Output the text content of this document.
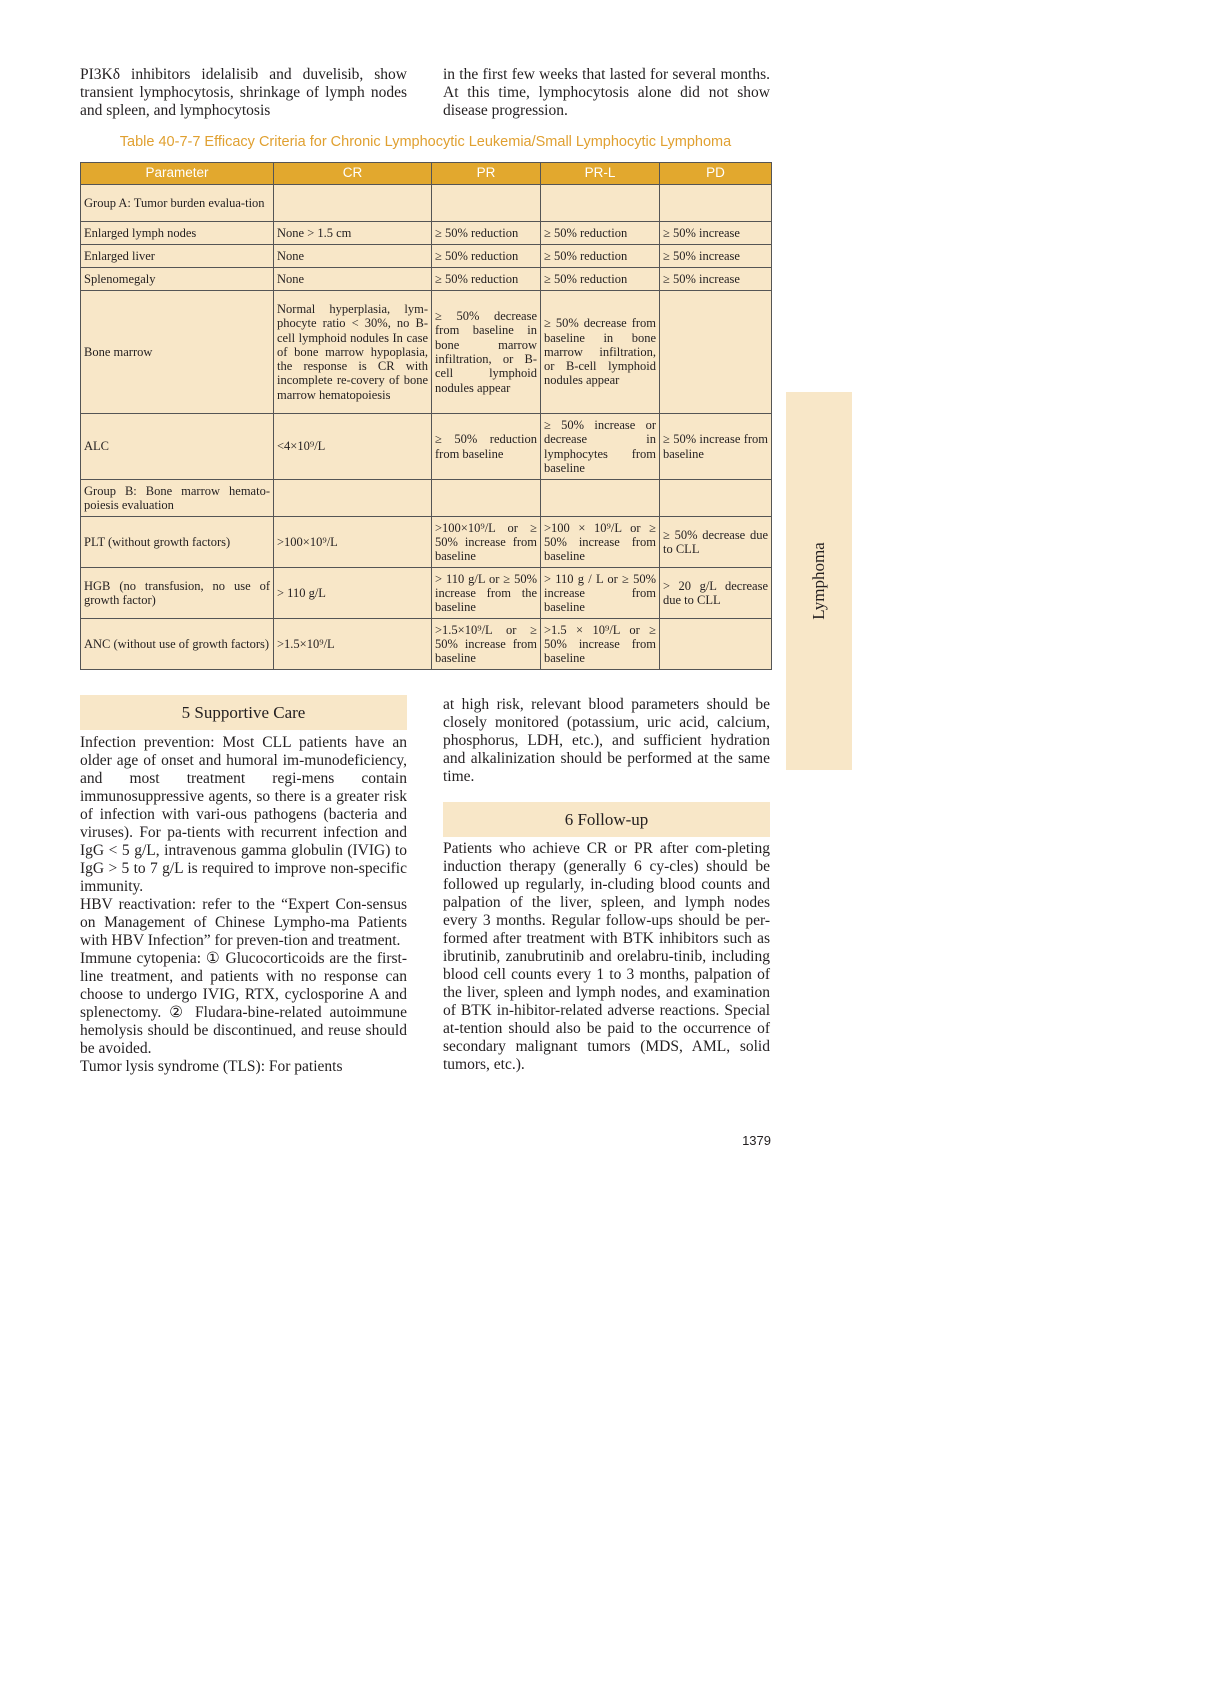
PI3Kδ inhibitors idelalisib and duvelisib, show transient lymphocytosis, shrinkage of lymph nodes and spleen, and lymphocytosis

in the first few weeks that lasted for several months. At this time, lymphocytosis alone did not show disease progression.

Table 40-7-7 Efficacy Criteria for Chronic Lymphocytic Leukemia/Small Lymphocytic Lymphoma
Parameter	CR	PR	PR-L	PD
Group A: Tumor burden evalua-tion				
Enlarged lymph nodes	None > 1.5 cm	≥ 50% reduction	≥ 50% reduction	≥ 50% increase
Enlarged liver	None	≥ 50% reduction	≥ 50% reduction	≥ 50% increase
Splenomegaly	None	≥ 50% reduction	≥ 50% reduction	≥ 50% increase
Bone marrow	Normal hyperplasia, lym-phocyte ratio < 30%, no B-cell lymphoid nodules In case of bone marrow hypoplasia, the response is CR with incomplete re-covery of bone marrow hematopoiesis	≥ 50% decrease from baseline in bone marrow infiltration, or B-cell lymphoid nodules appear	≥ 50% decrease from baseline in bone marrow infiltration, or B-cell lymphoid nodules appear	
ALC	<4×10⁹/L	≥ 50% reduction from baseline	≥ 50% increase or decrease in lymphocytes from baseline	≥ 50% increase from baseline
Group B: Bone marrow hemato-poiesis evaluation				
PLT (without growth factors)	>100×10⁹/L	>100×10⁹/L or ≥ 50% increase from baseline	>100 × 10⁹/L or ≥ 50% increase from baseline	≥ 50% decrease due to CLL
HGB (no transfusion, no use of growth factor)	> 110 g/L	> 110 g/L or ≥ 50% increase from the baseline	> 110 g / L or ≥ 50% increase from baseline	> 20 g/L decrease due to CLL
ANC (without use of growth factors)	>1.5×10⁹/L	>1.5×10⁹/L or ≥ 50% increase from baseline	>1.5 × 10⁹/L or ≥ 50% increase from baseline	
5 Supportive Care

Infection prevention: Most CLL patients have an older age of onset and humoral im-munodeficiency, and most treatment regi-mens contain immunosuppressive agents, so there is a greater risk of infection with vari-ous pathogens (bacteria and viruses). For pa-tients with recurrent infection and IgG < 5 g/L, intravenous gamma globulin (IVIG) to IgG > 5 to 7 g/L is required to improve non-specific immunity.

HBV reactivation: refer to the “Expert Con-sensus on Management of Chinese Lympho-ma Patients with HBV Infection” for preven-tion and treatment.

Immune cytopenia: ① Glucocorticoids are the first-line treatment, and patients with no response can choose to undergo IVIG, RTX, cyclosporine A and splenectomy. ② Fludara-bine-related autoimmune hemolysis should be discontinued, and reuse should be avoided.

Tumor lysis syndrome (TLS): For patients

at high risk, relevant blood parameters should be closely monitored (potassium, uric acid, calcium, phosphorus, LDH, etc.), and sufficient hydration and alkalinization should be performed at the same time.

6 Follow-up

Patients who achieve CR or PR after com-pleting induction therapy (generally 6 cy-cles) should be followed up regularly, in-cluding blood counts and palpation of the liver, spleen, and lymph nodes every 3 months. Regular follow-ups should be per-formed after treatment with BTK inhibitors such as ibrutinib, zanubrutinib and orelabru-tinib, including blood cell counts every 1 to 3 months, palpation of the liver, spleen and lymph nodes, and examination of BTK in-hibitor-related adverse reactions. Special at-tention should also be paid to the occurrence of secondary malignant tumors (MDS, AML, solid tumors, etc.).

Lymphoma
1379
